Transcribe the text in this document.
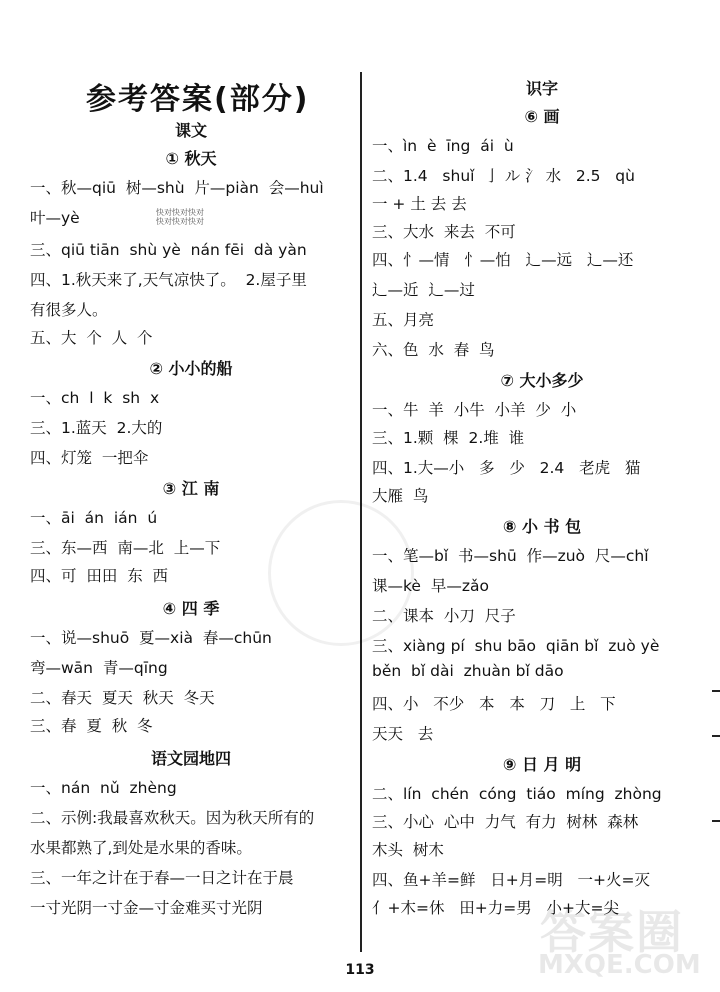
参考答案(部分)

快对快对快对
快对快对快对

课文

① 秋天

一、秋—qiū  树—shù  片—piàn  会—huì

叶—yè

三、qiū tiān  shù yè  nán fēi  dà yàn

四、1.秋天来了,天气凉快了。  2.屋子里

有很多人。

五、大  个  人  个

② 小小的船

一、ch  l  k  sh  x

三、1.蓝天  2.大的

四、灯笼  一把伞

③ 江 南

一、āi  án  ián  ú

三、东—西  南—北  上—下

四、可  田田  东  西

④ 四 季

一、说—shuō  夏—xià  春—chūn

弯—wān  青—qīng

二、春天  夏天  秋天  冬天

三、春  夏  秋  冬

语文园地四

一、nán  nǔ  zhèng

二、示例:我最喜欢秋天。因为秋天所有的

水果都熟了,到处是水果的香味。

三、一年之计在于春—一日之计在于晨

一寸光阴一寸金—寸金难买寸光阴

识字

⑥ 画

一、ìn  è  īng  ái  ù

二、1.4   shuǐ  亅 ル 氵 水   2.5   qù

一 + 土 去 去

三、大水  来去  不可

四、忄—情   忄—怕   辶—远   辶—还

辶—近  辶—过

五、月亮

六、色  水  春  鸟

⑦ 大小多少

一、牛  羊  小牛  小羊  少  小

三、1.颗  棵  2.堆  谁

四、1.大—小   多   少   2.4   老虎   猫

大雁  鸟

⑧ 小 书 包

一、笔—bǐ  书—shū  作—zuò  尺—chǐ

课—kè  早—zǎo

二、课本  小刀  尺子

三、xiàng pí  shu bāo  qiān bǐ  zuò yè

běn  bǐ dài  zhuàn bǐ dāo

四、小   不少   本   本   刀   上   下

天天   去

⑨ 日 月 明

二、lín  chén  cóng  tiáo  míng  zhòng

三、小心  心中  力气  有力  树林  森林

木头  树木

四、鱼+羊=鲜   日+月=明   一+火=灭

亻+木=休   田+力=男   小+大=尖

答案圈

MXQE.COM

113
